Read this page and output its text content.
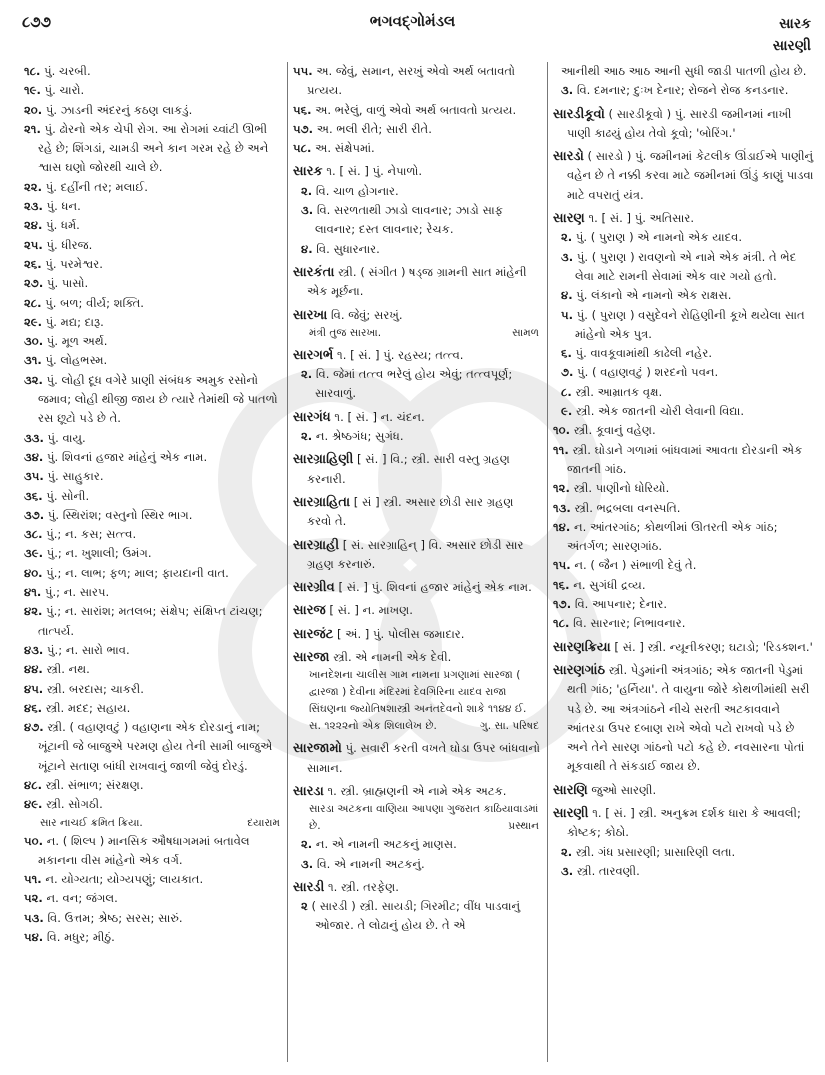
૮૭૭	ભગવદ્ગોમંડલ	સારક
સારણી
૧૮. પું. ચરબી.
૧૯. પું. ચારો.
૨૦. પું. ઝાડની અંદરનું કઠણ લાકડું.
૨૧. પું. ઢોરનો એક ચેપી રોગ. આ રોગમાં ચ્વાંટી ઊભી રહે છે; શિંગડાં, ચામડી અને કાન ગરમ રહે છે અને શ્વાસ ઘણો જોરથી ચાલે છે.
૨૨. પું. દહીંની તર; મલાઈ.
૨૩. પું. ધન.
૨૪. પું. ધર્મ.
૨૫. પું. ધીરજ.
૨૬. પું. પરમેશ્વર.
૨૭. પું. પાસો.
૨૮. પું. બળ; વીર્ય; શક્તિ.
૨૯. પું. મદ્ય; દારૂ.
૩૦. પું. મૂળ અર્થ.
૩૧. પું. લોહભસ્મ.
૩૨. પું. લોહી દૂધ વગેરે પ્રાણી સંબંધક અમુક રસોનો જમાવ; લોહી થીજી જાય છે ત્યારે તેમાંથી જે પાતળો રસ છૂટો પડે છે તે.
૩૩. પું. વાયુ.
૩૪. પું. શિવનાં હજાર માંહેનું એક નામ.
૩૫. પું. સાહુકાર.
૩૬. પું. સોની.
૩૭. પું. સ્થિરાંશ; વસ્તુનો સ્થિર ભાગ.
૩૮. પું.; ન. કસ; સત્ત્વ.
૩૯. પું.; ન. ખુશાલી; ઉમંગ.
૪૦. પું.; ન. લાભ; ફળ; માલ; ફાયદાની વાત.
૪૧. પું.; ન. સારપ.
૪૨. પું.; ન. સારાંશ; મતલબ; સંક્ષેપ; સંક્ષિપ્ત ટાંચણ; તાત્પર્ય.
૪૩. પું.; ન. સારો ભાવ.
૪૪. સ્ત્રી. નથ.
૪૫. સ્ત્રી. બરદાસ; ચાકરી.
૪૬. સ્ત્રી. મદદ; સહાય.
૪૭. સ્ત્રી. ( વહાણવટું ) વહાણના એક દોરડાનું નામ; ખૂંટાની જે બાજુએ પરમણ હોય તેની સામી બાજુએ ખૂંટાને સતાણ બાંધી રાખવાનું જાળી જેવું દોરડું.
૪૮. સ્ત્રી. સંભાળ; સંરક્ષણ.
૪૯. સ્ત્રી. સોગઠી.
સાર નાચઈ ક્રમિત ક્રિયા.	દયારામ
૫૦. ન. ( શિલ્પ ) માનસિક ઔષધાગમમાં બતાવેલ મકાનના વીસ માંહેનો એક વર્ગ.
૫૧. ન. યોગ્યતા; યોગ્યપણું; લાયકાત.
૫૨. ન. વન; જંગલ.
૫૩. વિ. ઉત્તમ; શ્રેષ્ઠ; સરસ; સારું.
૫૪. વિ. મધુર; મીઠું.
૫૫. અ. જેવું, સમાન, સરખું એવો અર્થ બતાવતો પ્રત્યય.
૫૬. અ. ભરેલું, વાળું એવો અર્થ બતાવતો પ્રત્યય.
૫૭. અ. ભલી રીતે; સારી રીતે.
૫૮. અ. સંક્ષેપમાં.
સારક ૧. [ સં. ] પું. નેપાળો.
૨. વિ. ચાળ હોગનાર.
૩. વિ. સરળતાથી ઝાડો લાવનાર; ઝાડો સાફ લાવનાર; દસ્ત લાવનાર; રેચક.
૪. વિ. સુધારનાર.
સારકંતા સ્ત્રી. ( સંગીત ) ષડ્જ ગ્રામની સાત માંહેની એક મૂર્છના.
સારખા વિ. જેવું; સરખું.
મંત્રી તુજ સારખા.	સામળ
સારગર્ભ ૧. [ સં. ] પું. રહસ્ય; તત્ત્વ.
૨. વિ. જેમાં તત્ત્વ ભરેલું હોય એવું; તત્ત્વપૂર્ણ; સારવાળું.
સારગંધ ૧. [ સં. ] ન. ચંદન.
૨. ન. શ્રેષ્ઠગંધ; સુગંધ.
સારગ્રાહિણી [ સં. ] વિ.; સ્ત્રી. સારી વસ્તુ ગ્રહણ કરનારી.
સારગ્રાહિતા [ સં ] સ્ત્રી. અસાર છોડી સાર ગ્રહણ કરવો તે.
સારગ્રાહી [ સં. સારગ્રાહિન્ ] વિ. અસાર છોડી સાર ગ્રહણ કરનારું.
સારગ્રીવ [ સં. ] પું. શિવનાં હજાર માંહેનું એક નામ.
સારજ [ સં. ] ન. માખણ.
સારજંટ [ અં. ] પું. પોલીસ જમાદાર.
સારજા સ્ત્રી. એ નામની એક દેવી.
ખાનદેશના ચાલીસ ગામ નામના પ્રગણામાં સારજા ( દ્વારજા ) દેવીના મંદિરમાં દેવગિરિના યાદવ રાજા સિંઘણના જ્યોતિષશાસ્ત્રી અનંતદેવનો શાકે ૧૧૪૪ ઈ. સ. ૧૨૨૨નો એક શિલાલેખ છે.	ગુ. સા. પરિષદ
સારજામો પું. સવારી કરતી વખતે ઘોડા ઉપર બાંધવાનો સામાન.
સારડા ૧. સ્ત્રી. બ્રાહ્મણની એ નામે એક અટક.
સારડા અટકના વાણિયા આપણા ગુજરાત કાઠિયાવાડમાં છે.	પ્રસ્થાન
૨. ન. એ નામની અટકનું માણસ.
૩. વિ. એ નામની અટકનું.
સારડી ૧. સ્ત્રી. તરફેણ.
૨ ( સારડી ) સ્ત્રી. સાયડી; ગિરમીટ; વીંધ પાડવાનું ઓજાર. તે લોઢાનું હોય છે. તે એ
આનીથી આઠ આઠ આની સુધી જાડી પાતળી હોય છે.
૩. વિ. દમનાર; દુઃખ દેનાર; રોજને રોજ કનડનાર.
સારડીકૂવો ( સારડીકૂવો ) પું. સારડી જમીનમાં નાખી પાણી કાઢયું હોય તેવો કૂવો; 'બોરિંગ.'
સારડો ( સારડો ) પું. જમીનમાં કેટલીક ઊંડાઈએ પાણીનું વહેન છે તે નક્કી કરવા માટે જમીનમાં ઊંડું કાણું પાડવા માટે વપરાતું યંત્ર.
સારણ ૧. [ સં. ] પું. અતિસાર.
૨. પું. ( પુરાણ ) એ નામનો એક યાદવ.
૩. પું. ( પુરાણ ) રાવણનો એ નામે એક મંત્રી. તે ભેદ લેવા માટે રામની સેવામાં એક વાર ગયો હતો.
૪. પું. લંકાનો એ નામનો એક રાક્ષસ.
૫. પું. ( પુરાણ ) વસુદેવને રોહિણીની કૂખે થયેલા સાત માંહેનો એક પુત્ર.
૬. પું. વાવકૂવામાંથી કાઢેલી નહેર.
૭. પું. ( વહાણવટું ) શરદનો પવન.
૮. સ્ત્રી. આમ્રાતક વૃક્ષ.
૯. સ્ત્રી. એક જાતની ચોરી લેવાની વિદ્યા.
૧૦. સ્ત્રી. કૂવાનું વહેણ.
૧૧. સ્ત્રી. ઘોડાને ગળામાં બાંધવામાં આવતા દોરડાની એક જાતની ગાંઠ.
૧૨. સ્ત્રી. પાણીનો ધોરિયો.
૧૩. સ્ત્રી. ભદ્રબલા વનસ્પતિ.
૧૪. ન. આંતરગાંઠ; કોથળીમાં ઊતરતી એક ગાંઠ; અંતર્ગળ; સારણગાંઠ.
૧૫. ન. ( જૈન ) સંભાળી દેવું તે.
૧૬. ન. સુગંધી દ્રવ્ય.
૧૭. વિ. આપનાર; દેનાર.
૧૮. વિ. સારનાર; નિભાવનાર.
સારણક્રિયા [ સં. ] સ્ત્રી. ન્યૂનીકરણ; ઘટાડો; 'રિડક્શન.'
સારણગાંઠ સ્ત્રી. પેડુમાંની અંત્રગાંઠ; એક જાતની પેડુમાં થતી ગાંઠ; 'હર્નિયા'. તે વાયુના જોરે કોથળીમાંથી સરી પડે છે. આ અંત્રગાંઠને નીચે સરતી અટકાવવાને આંતરડા ઉપર દબાણ રાખે એવો પટો રાખવો પડે છે અને તેને સારણ ગાંઠનો પટો કહે છે. નવસારના પોતાં મૂકવાથી તે સંકડાઈ જાય છે.
સારણિ જુઓ સારણી.
સારણી ૧. [ સં. ] સ્ત્રી. અનુક્રમ દર્શક ધારા કે આવલી; કોષ્ટક; કોઠો.
૨. સ્ત્રી. ગંધ પ્રસારણી; પ્રાસારિણી લતા.
૩. સ્ત્રી. તારવણી.
